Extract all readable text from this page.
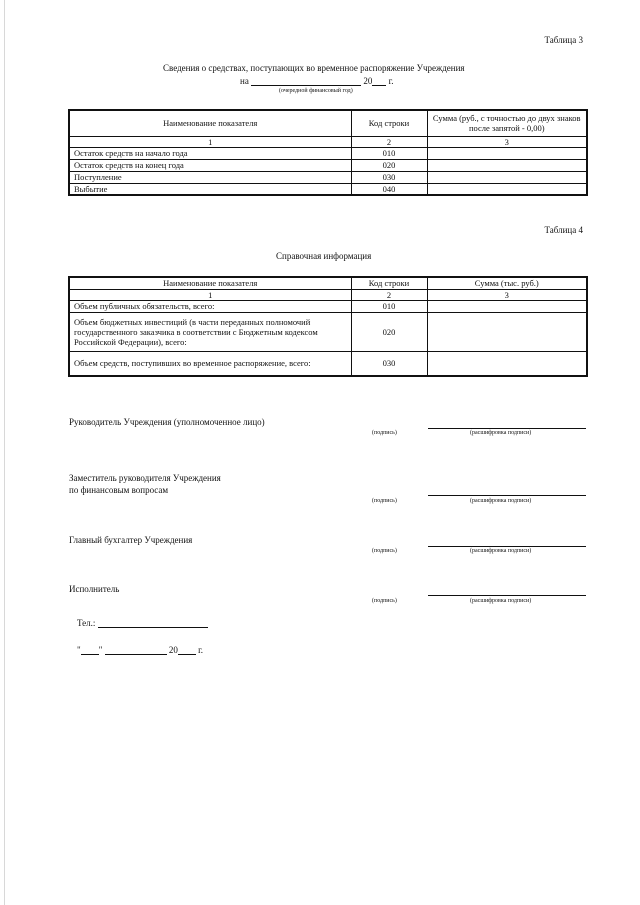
Таблица 3
Сведения о средствах, поступающих во временное распоряжение Учреждения
на	20 г.
(очередной финансовый год)
Наименование показателя	Код строки	Сумма (руб., с точностью до двух знаков после запятой - 0,00)
1	2	3
Остаток средств на начало года	010	
Остаток средств на конец года	020	
Поступление	030	
Выбытие	040	
Таблица 4
Справочная информация
Наименование показателя	Код строки	Сумма (тыс. руб.)
1	2	3
Объем публичных обязательств, всего:	010	
Объем бюджетных инвестиций (в части переданных полномочий государственного заказчика в соответствии с Бюджетным кодексом Российской Федерации), всего:	020	
Объем средств, поступивших во временное распоряжение, всего:	030	
Руководитель Учреждения (уполномоченное лицо)
(подпись)	(расшифровка подписи)
Заместитель руководителя Учреждения
по финансовым вопросам
(подпись)	(расшифровка подписи)
Главный бухгалтер Учреждения
(подпись)	(расшифровка подписи)
Исполнитель
(подпись)	(расшифровка подписи)
Тел.:
" "	20 г.
